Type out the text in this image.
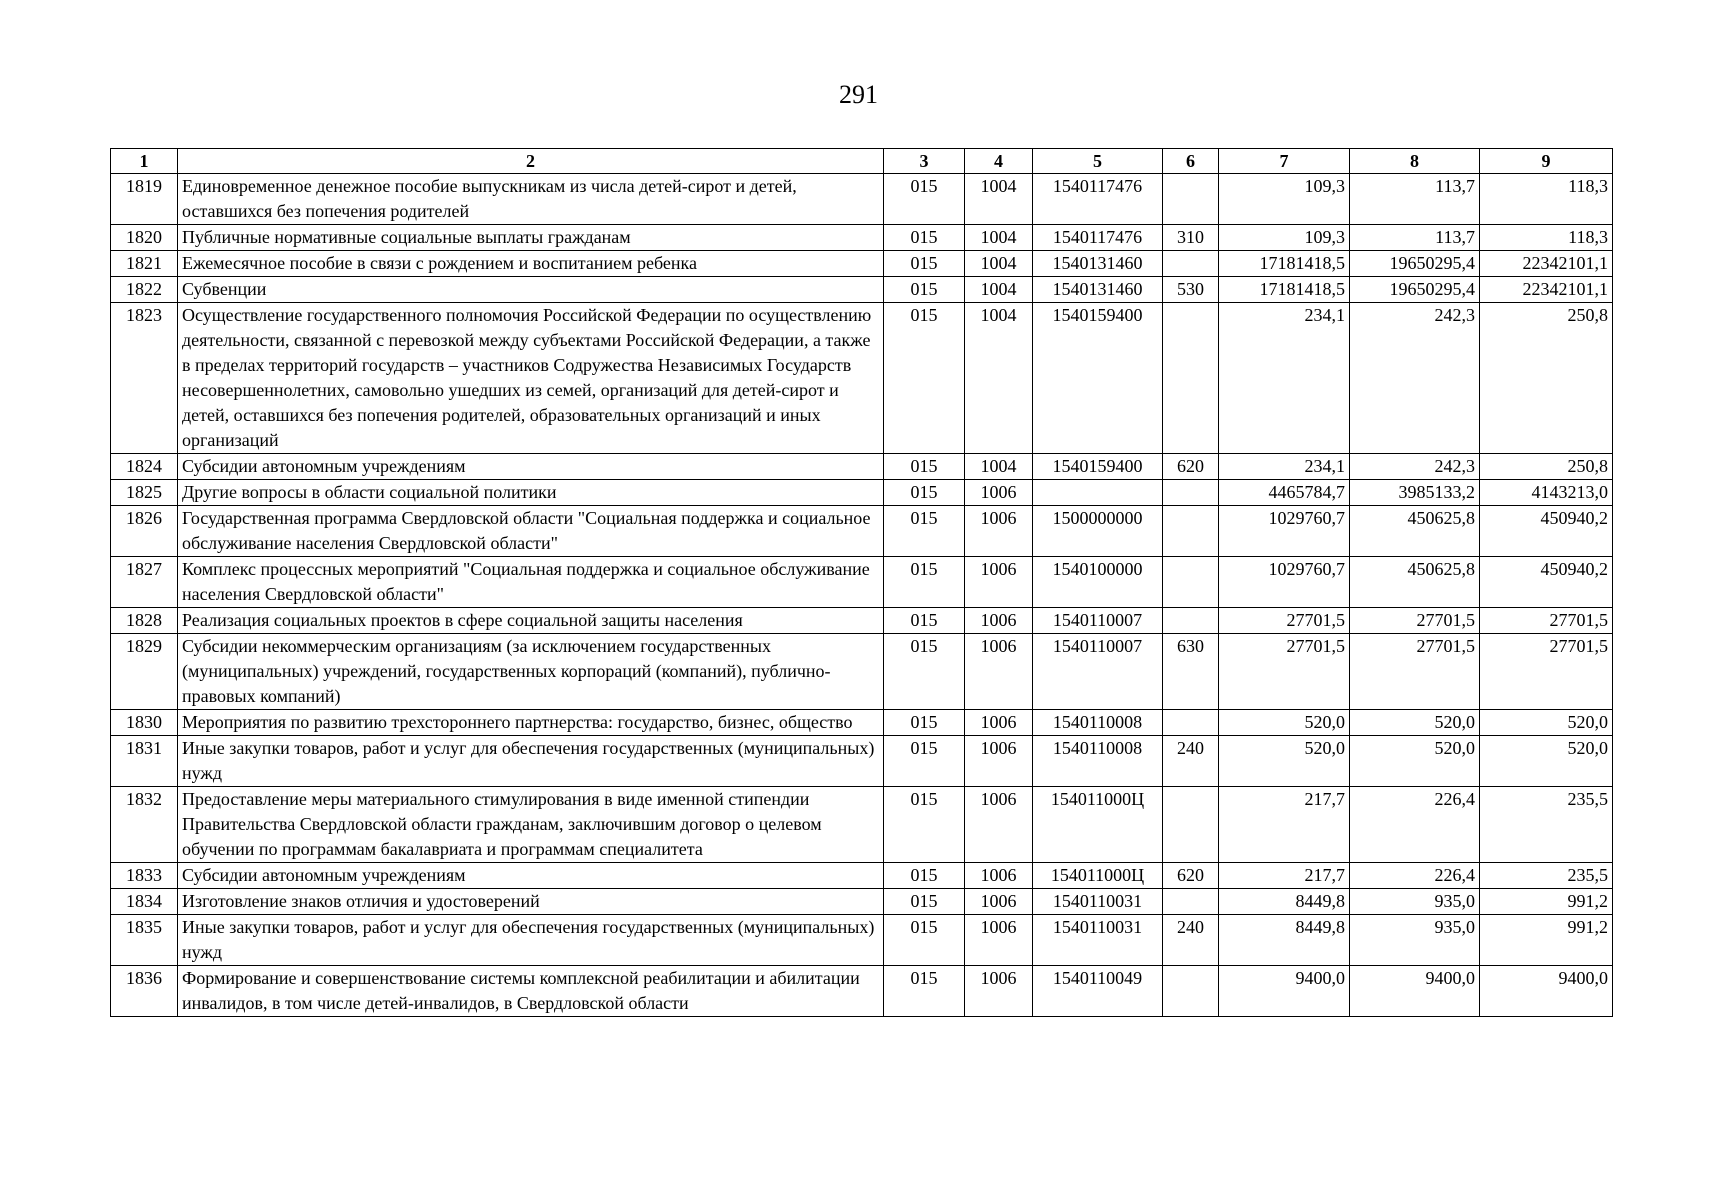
291
1	2	3	4	5	6	7	8	9
1819	Единовременное денежное пособие выпускникам из числа детей-сирот и детей, оставшихся без попечения родителей	015	1004	1540117476		109,3	113,7	118,3
1820	Публичные нормативные социальные выплаты гражданам	015	1004	1540117476	310	109,3	113,7	118,3
1821	Ежемесячное пособие в связи с рождением и воспитанием ребенка	015	1004	1540131460		17181418,5	19650295,4	22342101,1
1822	Субвенции	015	1004	1540131460	530	17181418,5	19650295,4	22342101,1
1823	Осуществление государственного полномочия Российской Федерации по осуществлению деятельности, связанной с перевозкой между субъектами Российской Федерации, а также в пределах территорий государств – участников Содружества Независимых Государств несовершеннолетних, самовольно ушедших из семей, организаций для детей-сирот и детей, оставшихся без попечения родителей, образовательных организаций и иных организаций	015	1004	1540159400		234,1	242,3	250,8
1824	Субсидии автономным учреждениям	015	1004	1540159400	620	234,1	242,3	250,8
1825	Другие вопросы в области социальной политики	015	1006			4465784,7	3985133,2	4143213,0
1826	Государственная программа Свердловской области "Социальная поддержка и социальное обслуживание населения Свердловской области"	015	1006	1500000000		1029760,7	450625,8	450940,2
1827	Комплекс процессных мероприятий "Социальная поддержка и социальное обслуживание населения Свердловской области"	015	1006	1540100000		1029760,7	450625,8	450940,2
1828	Реализация социальных проектов в сфере социальной защиты населения	015	1006	1540110007		27701,5	27701,5	27701,5
1829	Субсидии некоммерческим организациям (за исключением государственных (муниципальных) учреждений, государственных корпораций (компаний), публично-правовых компаний)	015	1006	1540110007	630	27701,5	27701,5	27701,5
1830	Мероприятия по развитию трехстороннего партнерства: государство, бизнес, общество	015	1006	1540110008		520,0	520,0	520,0
1831	Иные закупки товаров, работ и услуг для обеспечения государственных (муниципальных) нужд	015	1006	1540110008	240	520,0	520,0	520,0
1832	Предоставление меры материального стимулирования в виде именной стипендии Правительства Свердловской области гражданам, заключившим договор о целевом обучении по программам бакалавриата и программам специалитета	015	1006	154011000Ц		217,7	226,4	235,5
1833	Субсидии автономным учреждениям	015	1006	154011000Ц	620	217,7	226,4	235,5
1834	Изготовление знаков отличия и удостоверений	015	1006	1540110031		8449,8	935,0	991,2
1835	Иные закупки товаров, работ и услуг для обеспечения государственных (муниципальных) нужд	015	1006	1540110031	240	8449,8	935,0	991,2
1836	Формирование и совершенствование системы комплексной реабилитации и абилитации инвалидов, в том числе детей-инвалидов, в Свердловской области	015	1006	1540110049		9400,0	9400,0	9400,0
